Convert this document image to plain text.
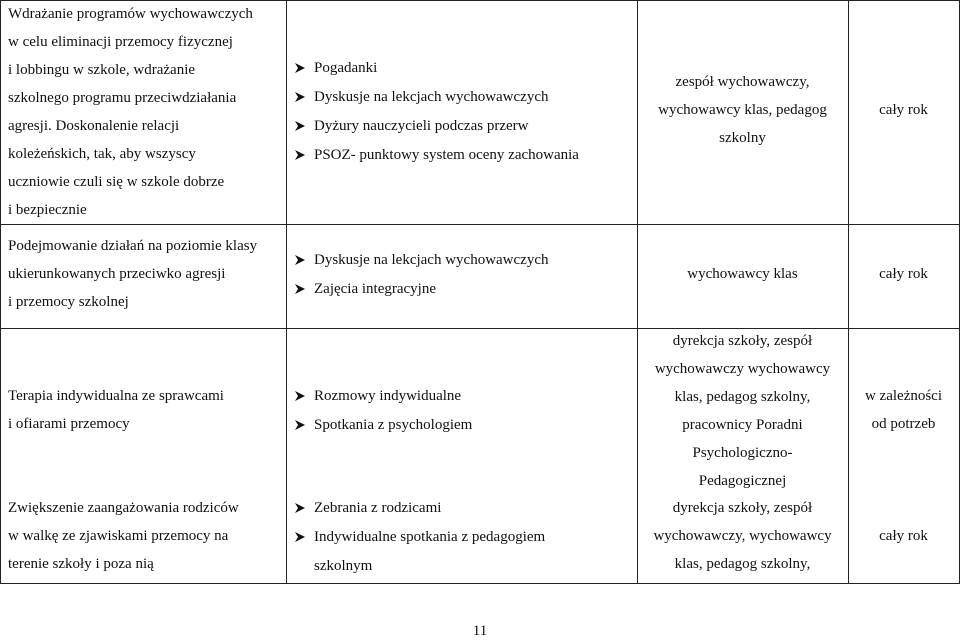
Wdrażanie programów wychowawczych
w celu eliminacji przemocy fizycznej
i lobbingu w szkole, wdrażanie
szkolnego programu przeciwdziałania
agresji. Doskonalenie relacji
koleżeńskich, tak, aby wszyscy
uczniowie czuli się w szkole dobrze
i bezpiecznie
Pogadanki
Dyskusje na lekcjach wychowawczych
Dyżury nauczycieli podczas przerw
PSOZ- punktowy system oceny zachowania
zespół wychowawczy,
wychowawcy klas, pedagog
szkolny
cały rok
Podejmowanie działań na poziomie klasy
ukierunkowanych przeciwko agresji
i przemocy szkolnej
Dyskusje na lekcjach wychowawczych
Zajęcia integracyjne
wychowawcy klas	cały rok
Terapia indywidualna ze sprawcami
i ofiarami przemocy
Rozmowy indywidualne
Spotkania z psychologiem
dyrekcja szkoły, zespół
wychowawczy wychowawcy
klas, pedagog szkolny,
pracownicy Poradni
Psychologiczno-
Pedagogicznej
w zależności
od potrzeb
Zwiększenie zaangażowania rodziców
w walkę ze zjawiskami przemocy na
terenie szkoły i poza nią
Zebrania z rodzicami
Indywidualne spotkania z pedagogiem
szkolnym
dyrekcja szkoły, zespół
wychowawczy, wychowawcy
klas, pedagog szkolny,
cały rok
11
